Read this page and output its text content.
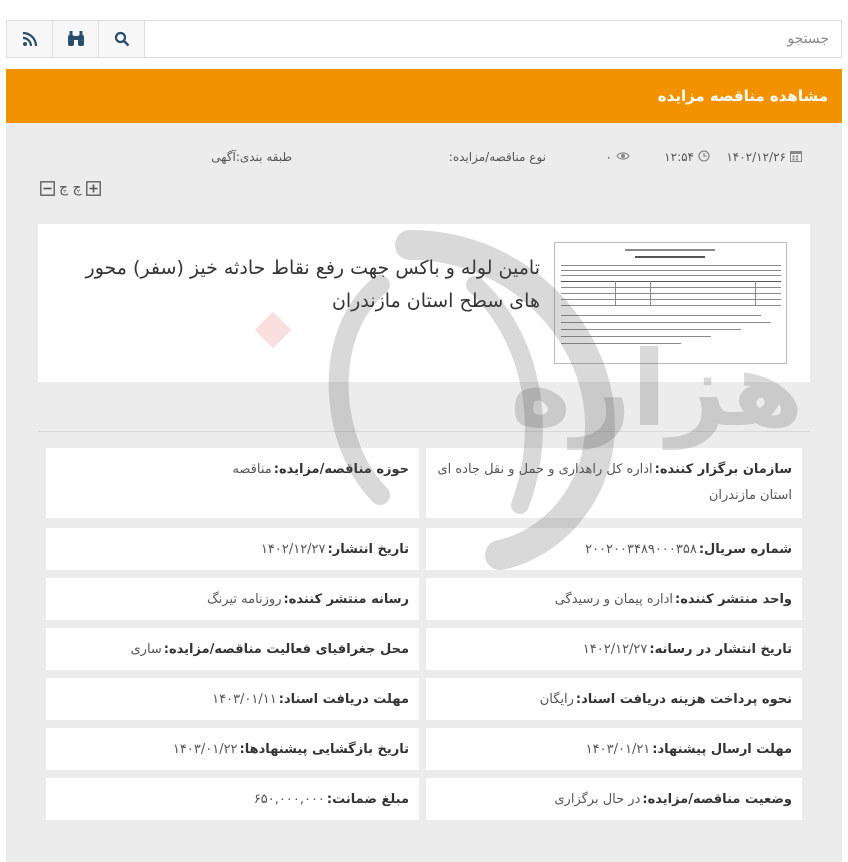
جستجو
مشاهده مناقصه مزایده
۱۴۰۲/۱۲/۲۶
۱۲:۵۴
۰
نوع مناقصه/مزایده:
طبقه بندی:آگهی
چ چ
تامین لوله و باکس جهت رفع نقاط حادثه خیز (سفر) محور های سطح استان مازندران
سازمان برگزار کننده:اداره کل راهداری و حمل و نقل جاده ای استان مازندران
حوزه مناقصه/مزایده:مناقصه
شماره سریال:
۲۰۰۲۰۰۳۴۸۹۰۰۰۳۵۸
تاریخ انتشار:
۱۴۰۲/۱۲/۲۷
واحد منتشر کننده:
اداره پیمان و رسیدگی
رسانه منتشر کننده:
روزنامه تیرنگ
تاریخ انتشار در رسانه:
۱۴۰۲/۱۲/۲۷
محل جغرافیای فعالیت مناقصه/مزایده:
ساری
نحوه پرداخت هزینه دریافت اسناد:
رایگان
مهلت دریافت اسناد:
۱۴۰۳/۰۱/۱۱
مهلت ارسال پیشنهاد:
۱۴۰۳/۰۱/۲۱
تاریخ بازگشایی پیشنهادها:
۱۴۰۳/۰۱/۲۲
وضعیت مناقصه/مزایده:
در حال برگزاری
مبلغ ضمانت:
۶۵۰,۰۰۰,۰۰۰
هزاره
